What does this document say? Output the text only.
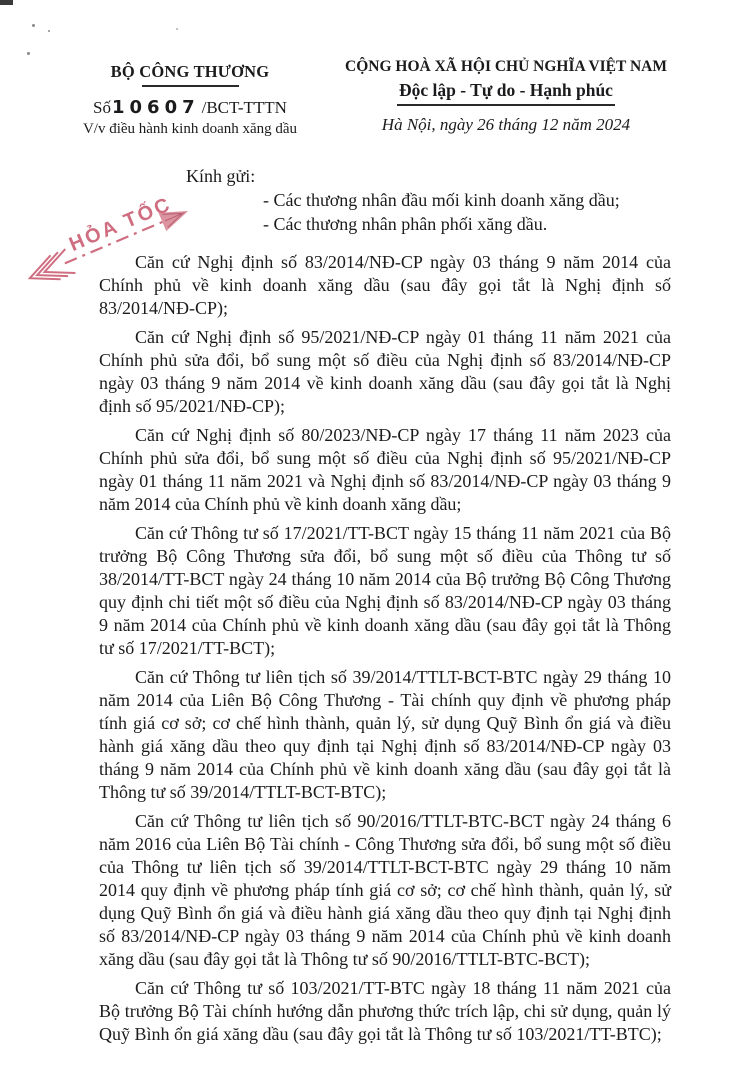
BỘ CÔNG THƯƠNG
Số10607 /BCT-TTTN
V/v điều hành kinh doanh xăng dầu
CỘNG HOÀ XÃ HỘI CHỦ NGHĨA VIỆT NAM
Độc lập - Tự do - Hạnh phúc
Hà Nội, ngày 26 tháng 12 năm 2024
HỎA TỐC
Kính gửi:
- Các thương nhân đầu mối kinh doanh xăng dầu;
- Các thương nhân phân phối xăng dầu.

Căn cứ Nghị định số 83/2014/NĐ-CP ngày 03 tháng 9 năm 2014 của Chính phủ về kinh doanh xăng dầu (sau đây gọi tắt là Nghị định số 83/2014/NĐ-CP);

Căn cứ Nghị định số 95/2021/NĐ-CP ngày 01 tháng 11 năm 2021 của Chính phủ sửa đổi, bổ sung một số điều của Nghị định số 83/2014/NĐ-CP ngày 03 tháng 9 năm 2014 về kinh doanh xăng dầu (sau đây gọi tắt là Nghị định số 95/2021/NĐ-CP);

Căn cứ Nghị định số 80/2023/NĐ-CP ngày 17 tháng 11 năm 2023 của Chính phủ sửa đổi, bổ sung một số điều của Nghị định số 95/2021/NĐ-CP ngày 01 tháng 11 năm 2021 và Nghị định số 83/2014/NĐ-CP ngày 03 tháng 9 năm 2014 của Chính phủ về kinh doanh xăng dầu;

Căn cứ Thông tư số 17/2021/TT-BCT ngày 15 tháng 11 năm 2021 của Bộ trưởng Bộ Công Thương sửa đổi, bổ sung một số điều của Thông tư số 38/2014/TT-BCT ngày 24 tháng 10 năm 2014 của Bộ trưởng Bộ Công Thương quy định chi tiết một số điều của Nghị định số 83/2014/NĐ-CP ngày 03 tháng 9 năm 2014 của Chính phủ về kinh doanh xăng dầu (sau đây gọi tắt là Thông tư số 17/2021/TT-BCT);

Căn cứ Thông tư liên tịch số 39/2014/TTLT-BCT-BTC ngày 29 tháng 10 năm 2014 của Liên Bộ Công Thương - Tài chính quy định về phương pháp tính giá cơ sở; cơ chế hình thành, quản lý, sử dụng Quỹ Bình ổn giá và điều hành giá xăng dầu theo quy định tại Nghị định số 83/2014/NĐ-CP ngày 03 tháng 9 năm 2014 của Chính phủ về kinh doanh xăng dầu (sau đây gọi tắt là Thông tư số 39/2014/TTLT-BCT-BTC);

Căn cứ Thông tư liên tịch số 90/2016/TTLT-BTC-BCT ngày 24 tháng 6 năm 2016 của Liên Bộ Tài chính - Công Thương sửa đổi, bổ sung một số điều của Thông tư liên tịch số 39/2014/TTLT-BCT-BTC ngày 29 tháng 10 năm 2014 quy định về phương pháp tính giá cơ sở; cơ chế hình thành, quản lý, sử dụng Quỹ Bình ổn giá và điều hành giá xăng dầu theo quy định tại Nghị định số 83/2014/NĐ-CP ngày 03 tháng 9 năm 2014 của Chính phủ về kinh doanh xăng dầu (sau đây gọi tắt là Thông tư số 90/2016/TTLT-BTC-BCT);

Căn cứ Thông tư số 103/2021/TT-BTC ngày 18 tháng 11 năm 2021 của Bộ trưởng Bộ Tài chính hướng dẫn phương thức trích lập, chi sử dụng, quản lý Quỹ Bình ổn giá xăng dầu (sau đây gọi tắt là Thông tư số 103/2021/TT-BTC);
